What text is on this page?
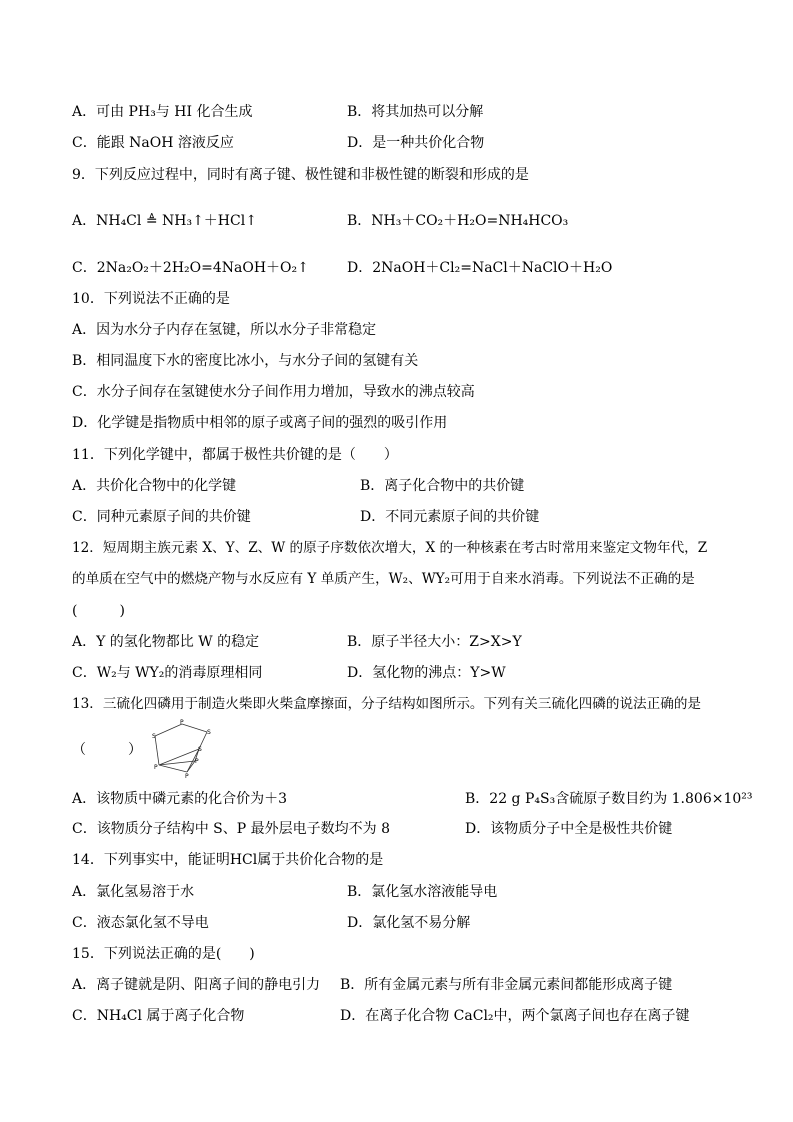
A．可由 PH₃与 HI 化合生成	B．将其加热可以分解
C．能跟 NaOH 溶液反应	D．是一种共价化合物
9．下列反应过程中，同时有离子键、极性键和非极性键的断裂和形成的是
A．NH₄Cl ≜ NH₃↑＋HCl↑	B．NH₃＋CO₂＋H₂O=NH₄HCO₃
C．2Na₂O₂＋2H₂O=4NaOH＋O₂↑	D．2NaOH＋Cl₂=NaCl＋NaClO＋H₂O
10．下列说法不正确的是
A．因为水分子内存在氢键，所以水分子非常稳定
B．相同温度下水的密度比冰小，与水分子间的氢键有关
C．水分子间存在氢键使水分子间作用力增加，导致水的沸点较高
D．化学键是指物质中相邻的原子或离子间的强烈的吸引作用
11．下列化学键中，都属于极性共价键的是（　　）
A．共价化合物中的化学键	B．离子化合物中的共价键
C．同种元素原子间的共价键	D．不同元素原子间的共价键
12．短周期主族元素 X、Y、Z、W 的原子序数依次增大，X 的一种核素在考古时常用来鉴定文物年代，Z
的单质在空气中的燃烧产物与水反应有 Y 单质产生，W₂、WY₂可用于自来水消毒。下列说法不正确的是
(　　　)
A．Y 的氢化物都比 W 的稳定	B．原子半径大小：Z>X>Y
C．W₂与 WY₂的消毒原理相同	D．氢化物的沸点：Y>W
13．三硫化四磷用于制造火柴即火柴盒摩擦面，分子结构如图所示。下列有关三硫化四磷的说法正确的是
（　　　）
P
S
S
S
P
P
P
A．该物质中磷元素的化合价为＋3	B．22 g P₄S₃含硫原子数目约为 1.806×10²³
C．该物质分子结构中 S、P 最外层电子数均不为 8	D．该物质分子中全是极性共价键
14．下列事实中，能证明HCl属于共价化合物的是
A．氯化氢易溶于水	B．氯化氢水溶液能导电
C．液态氯化氢不导电	D．氯化氢不易分解
15．下列说法正确的是(　　)
A．离子键就是阴、阳离子间的静电引力 B．所有金属元素与所有非金属元素间都能形成离子键
C．NH₄Cl 属于离子化合物	D．在离子化合物 CaCl₂中，两个氯离子间也存在离子键
